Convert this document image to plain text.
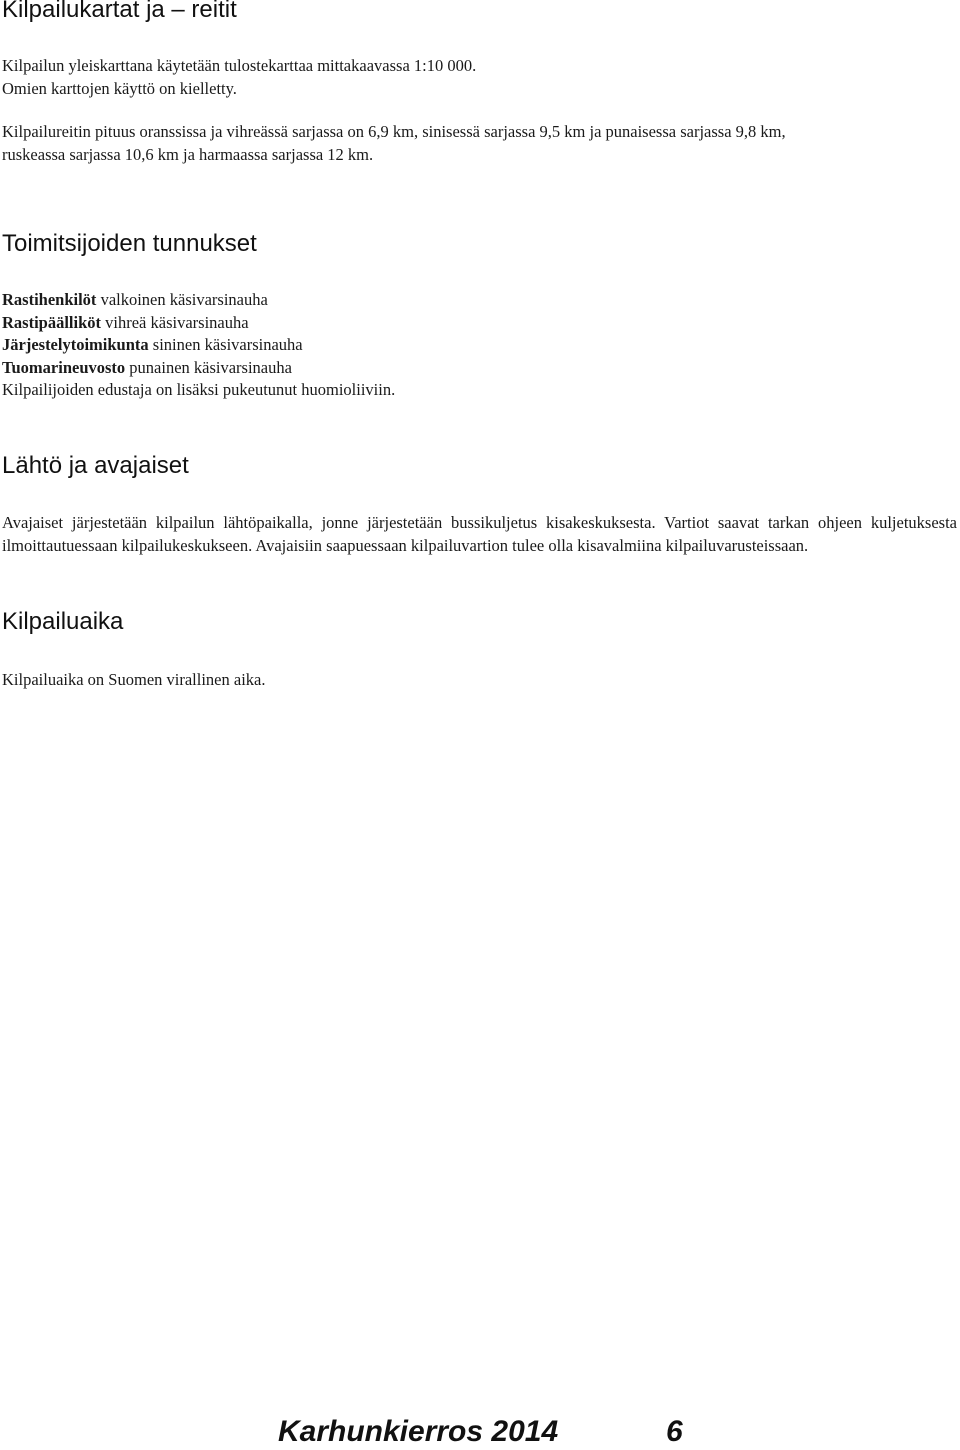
Kilpailukartat ja – reitit

Kilpailun yleiskarttana käytetään tulostekarttaa mittakaavassa 1:10 000.
Omien karttojen käyttö on kielletty.

Kilpailureitin pituus oranssissa ja vihreässä sarjassa on 6,9 km, sinisessä sarjassa 9,5 km ja punaisessa sarjassa 9,8 km,
ruskeassa sarjassa 10,6 km ja harmaassa sarjassa 12 km.

Toimitsijoiden tunnukset

Rastihenkilöt valkoinen käsivarsinauha
Rastipäälliköt vihreä käsivarsinauha
Järjestelytoimikunta sininen käsivarsinauha
Tuomarineuvosto punainen käsivarsinauha
Kilpailijoiden edustaja on lisäksi pukeutunut huomioliiviin.

Lähtö ja avajaiset

Avajaiset järjestetään kilpailun lähtöpaikalla, jonne järjestetään bussikuljetus kisakeskuksesta. Vartiot saavat tarkan ohjeen kuljetuksesta ilmoittautuessaan kilpailukeskukseen. Avajaisiin saapuessaan kilpailuvartion tulee olla kisavalmiina kilpailuvarusteissaan.

Kilpailuaika

Kilpailuaika on Suomen virallinen aika.

Karhunkierros 2014	6
